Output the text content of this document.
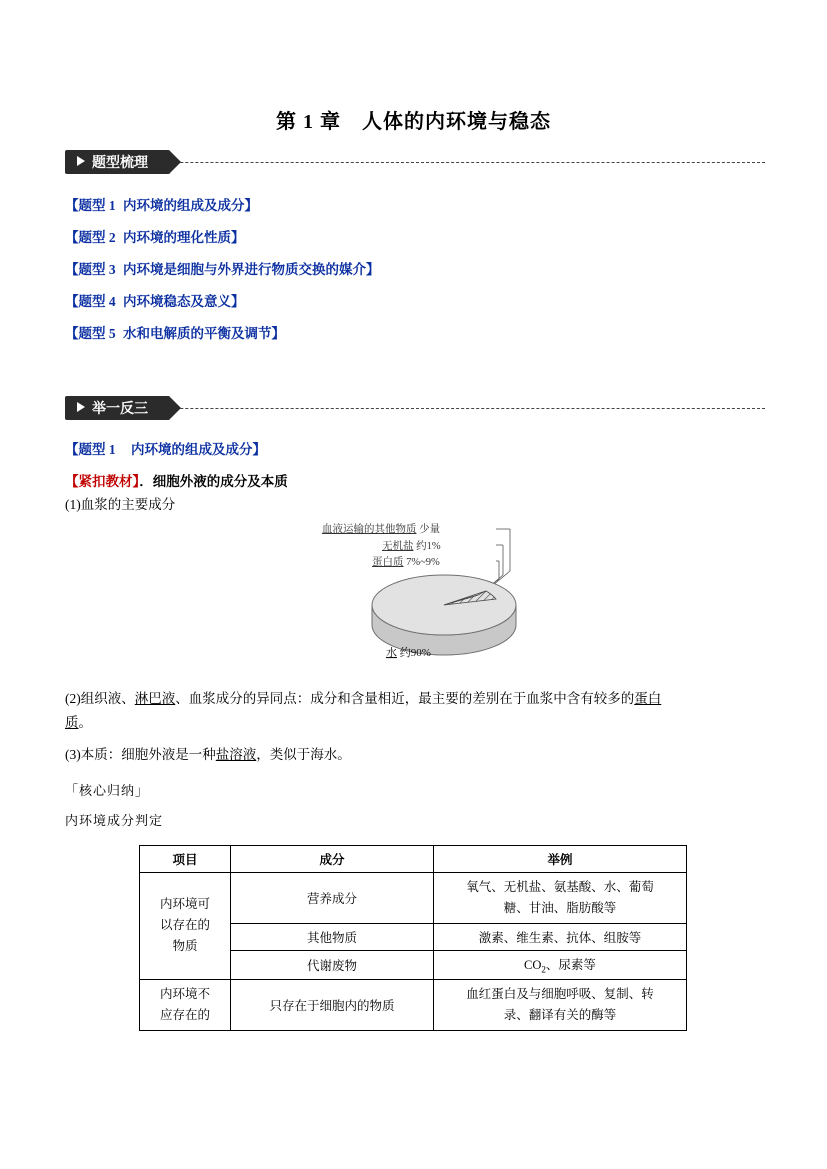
第 1 章　人体的内环境与稳态
题型梳理
【题型 1 内环境的组成及成分】
【题型 2 内环境的理化性质】
【题型 3 内环境是细胞与外界进行物质交换的媒介】
【题型 4 内环境稳态及意义】
【题型 5 水和电解质的平衡及调节】
举一反三
【题型 1 内环境的组成及成分】
【紧扣教材】．细胞外液的成分及本质
(1)血浆的主要成分
水 约90%
血液运输的其他物质 少量
无机盐 约1%
蛋白质 7%~9%
(2)组织液、淋巴液、血浆成分的异同点：成分和含量相近，最主要的差别在于血浆中含有较多的蛋白
质。
(3)本质：细胞外液是一种盐溶液，类似于海水。
「核心归纳」
内环境成分判定
项目	成分	举例

内环境可
以存在的
物质	营养成分	氧气、无机盐、氨基酸、水、葡萄
糖、甘油、脂肪酸等

	其他物质	激素、维生素、抗体、组胺等
	代谢废物	$CO_2$、尿素等

内环境不
应存在的	只存在于细胞内的物质	血红蛋白及与细胞呼吸、复制、转
录、翻译有关的酶等
